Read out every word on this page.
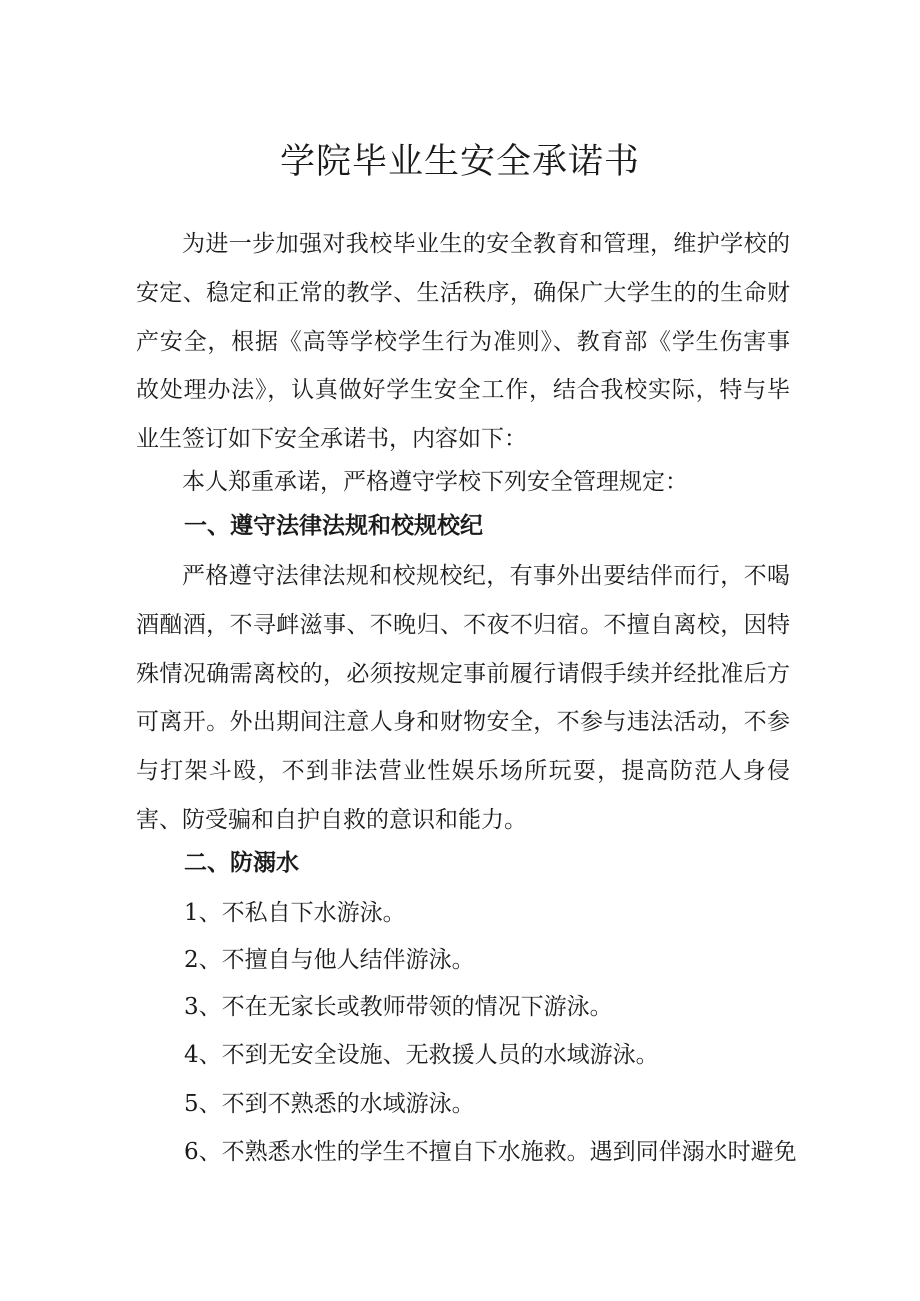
学院毕业生安全承诺书

为进一步加强对我校毕业生的安全教育和管理，维护学校的安定、稳定和正常的教学、生活秩序，确保广大学生的的生命财产安全，根据《高等学校学生行为准则》、教育部《学生伤害事故处理办法》，认真做好学生安全工作，结合我校实际，特与毕业生签订如下安全承诺书，内容如下：

本人郑重承诺，严格遵守学校下列安全管理规定：

一、遵守法律法规和校规校纪

严格遵守法律法规和校规校纪，有事外出要结伴而行，不喝酒酗酒，不寻衅滋事、不晚归、不夜不归宿。不擅自离校，因特殊情况确需离校的，必须按规定事前履行请假手续并经批准后方可离开。外出期间注意人身和财物安全，不参与违法活动，不参与打架斗殴，不到非法营业性娱乐场所玩耍，提高防范人身侵害、防受骗和自护自救的意识和能力。

二、防溺水

1、不私自下水游泳。

2、不擅自与他人结伴游泳。

3、不在无家长或教师带领的情况下游泳。

4、不到无安全设施、无救援人员的水域游泳。

5、不到不熟悉的水域游泳。

6、不熟悉水性的学生不擅自下水施救。遇到同伴溺水时避免
